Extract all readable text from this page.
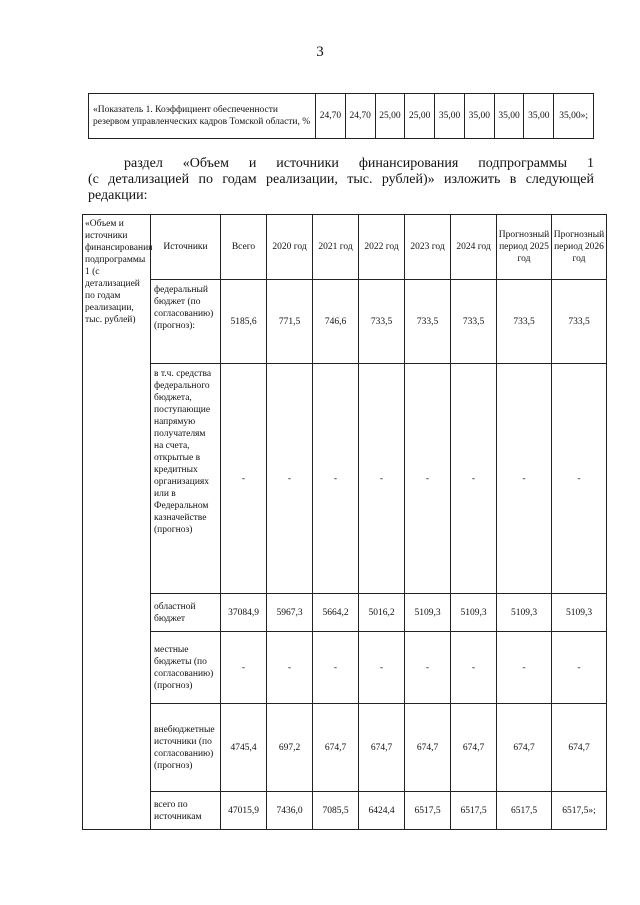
3
«Показатель 1. Коэффициент обеспеченности резервом управленческих кадров Томской области, %	24,70	24,70	25,00	25,00	35,00	35,00	35,00	35,00	35,00»;
раздел «Объем и источники финансирования подпрограммы 1
(с детализацией по годам реализации, тыс. рублей)» изложить в следующей
редакции:
«Объем и источники финансирования подпрограммы 1 (с детализацией по годам реализации, тыс. рублей)	Источники	Всего	2020 год	2021 год	2022 год	2023 год	2024 год	Прогнозный период 2025 год	Прогнозный период 2026 год
	федеральный бюджет (по согласованию) (прогноз):	5185,6	771,5	746,6	733,5	733,5	733,5	733,5	733,5
	в т.ч. средства федерального бюджета, поступающие напрямую получателям на счета, открытые в кредитных организациях или в Федеральном казначействе (прогноз)	-	-	-	-	-	-	-	-
	областной бюджет	37084,9	5967,3	5664,2	5016,2	5109,3	5109,3	5109,3	5109,3
	местные бюджеты (по согласованию) (прогноз)	-	-	-	-	-	-	-	-
	внебюджетные источники (по согласованию) (прогноз)	4745,4	697,2	674,7	674,7	674,7	674,7	674,7	674,7
	всего по источникам	47015,9	7436,0	7085,5	6424,4	6517,5	6517,5	6517,5	6517,5»;
